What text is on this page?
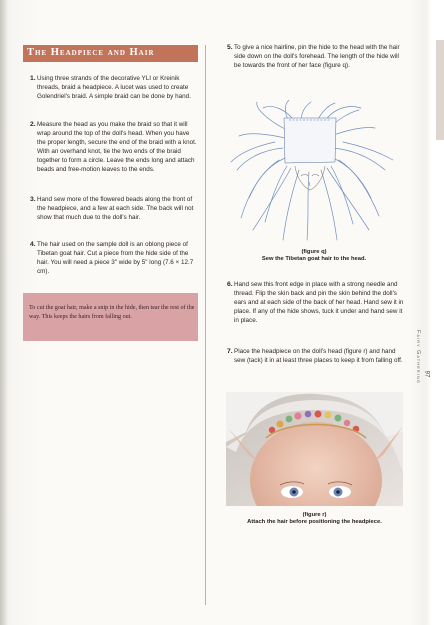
The Headpiece and Hair
1. Using three strands of the decorative YLI or Kreinik threads, braid a headpiece. A lucet was used to create Golendriel's braid. A simple braid can be done by hand.
2. Measure the head as you make the braid so that it will wrap around the top of the doll's head. When you have the proper length, secure the end of the braid with a knot. With an overhand knot, tie the two ends of the braid together to form a circle. Leave the ends long and attach beads and free-motion leaves to the ends.
3. Hand sew more of the flowered beads along the front of the headpiece, and a few at each side. The back will not show that much due to the doll's hair.
4. The hair used on the sample doll is an oblong piece of Tibetan goat hair. Cut a piece from the hide side of the hair. You will need a piece 3" wide by 5" long (7.6 × 12.7 cm).
To cut the goat hair, make a snip in the hide, then tear the rest of the way. This keeps the hairs from falling out.
5. To give a nice hairline, pin the hide to the head with the hair side down on the doll's forehead. The length of the hide will be towards the front of her face (figure q).
(figure q)
Sew the Tibetan goat hair to the head.
6. Hand sew this front edge in place with a strong needle and thread. Flip the skin back and pin the skin behind the doll's ears and at each side of the back of her head. Hand sew it in place. If any of the hide shows, tuck it under and hand sew it in place.
7. Place the headpiece on the doll's head (figure r) and hand sew (tack) it in at least three places to keep it from falling off.
(figure r)
Attach the hair before positioning the headpiece.
Fairy Gathering 97
